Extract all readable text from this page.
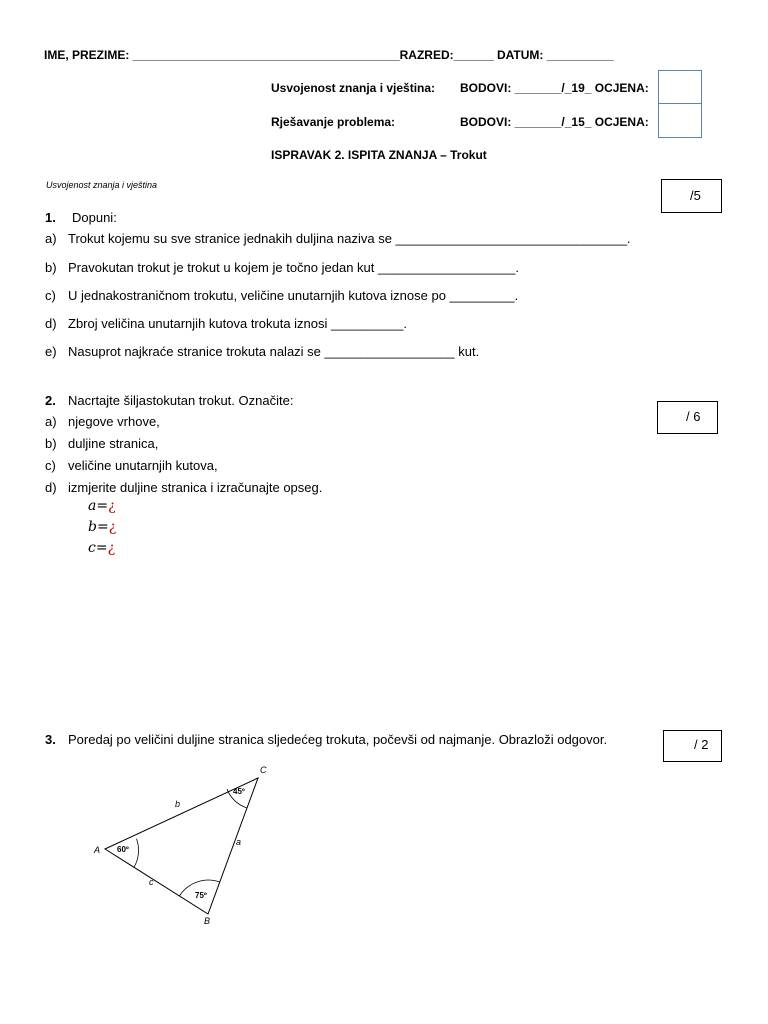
IME, PREZIME: ________________________________________RAZRED:______ DATUM: __________
Usvojenost znanja i vještina: BODOVI: _______/_19_ OCJENA:
Rješavanje problema:	BODOVI: _______/_15_ OCJENA:
ISPRAVAK 2. ISPITA ZNANJA – Trokut
Usvojenost znanja i vještina
/5
1. Dopuni:
a) Trokut kojemu su sve stranice jednakih duljina naziva se ________________________________.
b) Pravokutan trokut je trokut u kojem je točno jedan kut ___________________.
c) U jednakostraničnom trokutu, veličine unutarnjih kutova iznose po _________.
d) Zbroj veličina unutarnjih kutova trokuta iznosi __________.
e) Nasuprot najkraće stranice trokuta nalazi se __________________ kut.
2. Nacrtajte šiljastokutan trokut. Označite:
/ 6
a) njegove vrhove,
b) duljine stranica,
c) veličine unutarnjih kutova,
d) izmjerite duljine stranica i izračunajte opseg.
a=¿
b=¿
c=¿
3. Poredaj po veličini duljine stranica sljedećeg trokuta, počevši od najmanje. Obrazloži odgovor.	/ 2
60º
75º
45º
A
B
C
a
b
c
